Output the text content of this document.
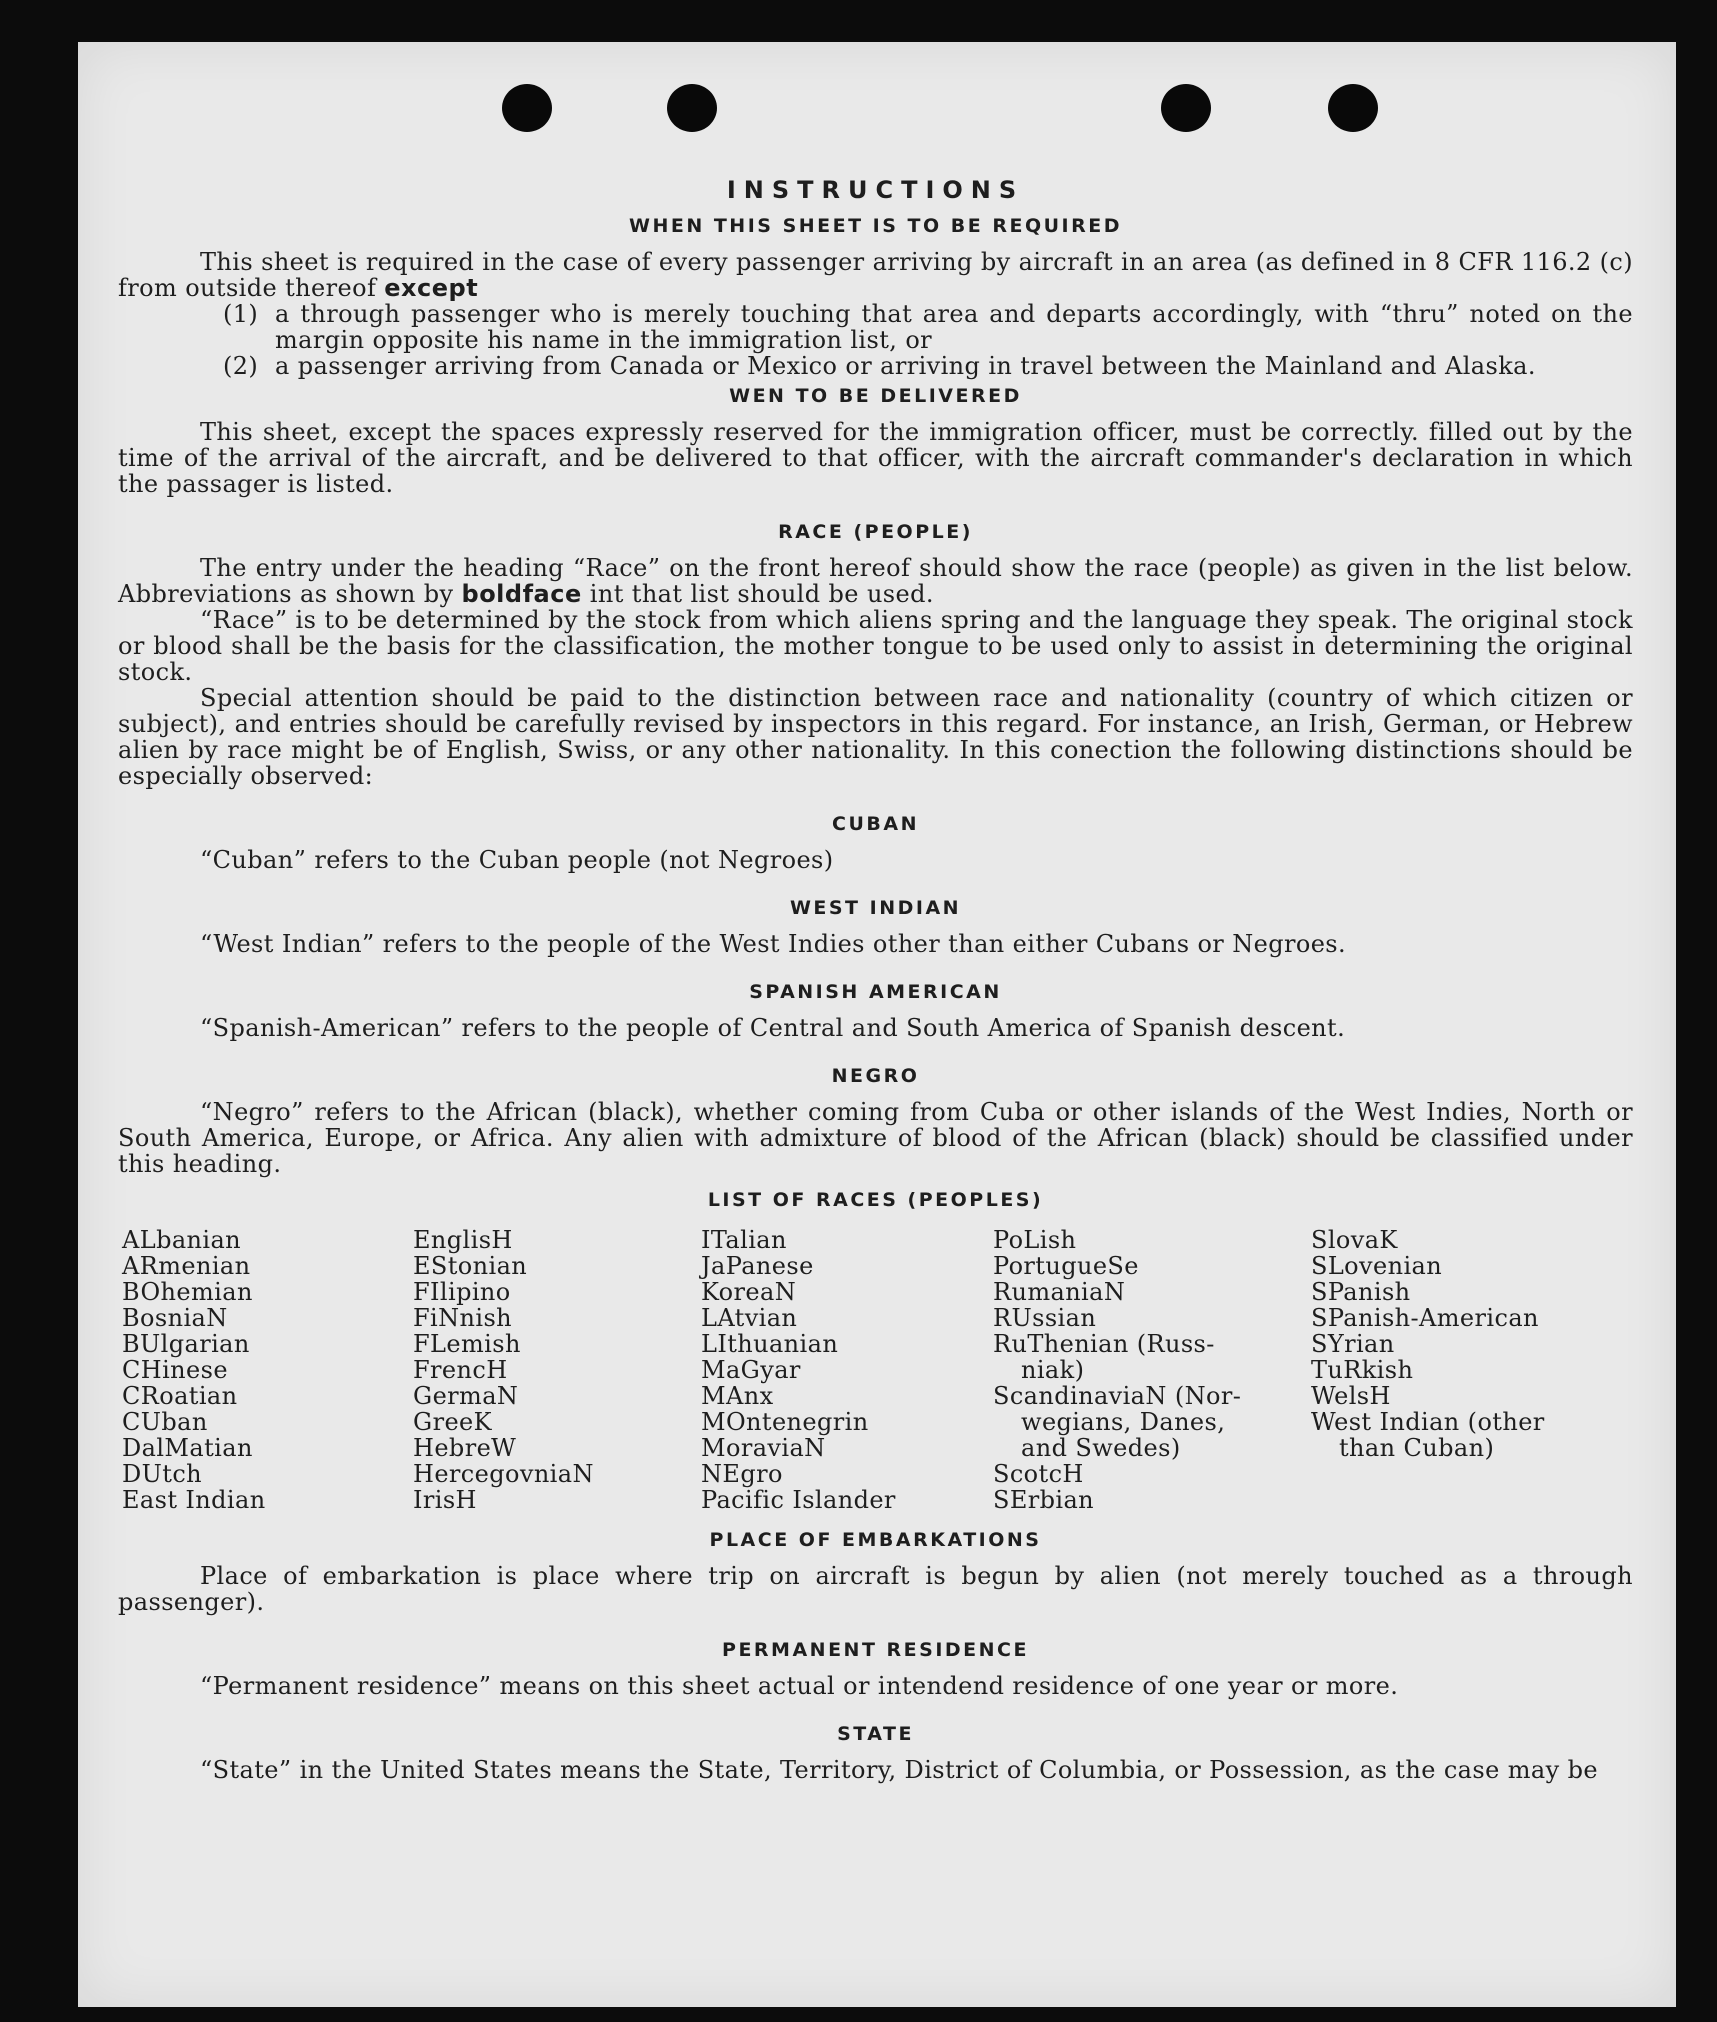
INSTRUCTIONS
WHEN THIS SHEET IS TO BE REQUIRED

This sheet is required in the case of every passenger arriving by aircraft in an area (as defined in 8 CFR 116.2 (c) from outside thereof except

(1) a through passenger who is merely touching that area and departs accordingly, with “thru” noted on the margin opposite his name in the immigration list, or
(2) a passenger arriving from Canada or Mexico or arriving in travel between the Mainland and Alaska.
WEN TO BE DELIVERED

This sheet, except the spaces expressly reserved for the immigration officer, must be correctly. filled out by the time of the arrival of the aircraft, and be delivered to that officer, with the aircraft commander's declaration in which the passager is listed.

RACE (PEOPLE)

The entry under the heading “Race” on the front hereof should show the race (people) as given in the list below. Abbreviations as shown by boldface int that list should be used.

“Race” is to be determined by the stock from which aliens spring and the language they speak. The original stock or blood shall be the basis for the classification, the mother tongue to be used only to assist in determining the original stock.

Special attention should be paid to the distinction between race and nationality (country of which citizen or subject), and entries should be carefully revised by inspectors in this regard. For instance, an Irish, German, or Hebrew alien by race might be of English, Swiss, or any other nationality. In this conection the following distinctions should be especially observed:

CUBAN

“Cuban” refers to the Cuban people (not Negroes)

WEST INDIAN

“West Indian” refers to the people of the West Indies other than either Cubans or Negroes.

SPANISH AMERICAN

“Spanish-American” refers to the people of Central and South America of Spanish descent.

NEGRO

“Negro” refers to the African (black), whether coming from Cuba or other islands of the West Indies, North or South America, Europe, or Africa. Any alien with admixture of blood of the African (black) should be classified under this heading.

LIST OF RACES (PEOPLES)
ALbanian
ARmenian
BOhemian
BosniaN
BUlgarian
CHinese
CRoatian
CUban
DalMatian
DUtch
East Indian
EnglisH
EStonian
FIlipino
FiNnish
FLemish
FrencH
GermaN
GreeK
HebreW
HercegovniaN
IrisH
ITalian
JaPanese
KoreaN
LAtvian
LIthuanian
MaGyar
MAnx
MOntenegrin
MoraviaN
NEgro
Pacific Islander
PoLish
PortugueSe
RumaniaN
RUssian
RuThenian (Russ-
niak)
ScandinaviaN (Nor-
wegians, Danes,
and Swedes)
ScotcH
SErbian
SlovaK
SLovenian
SPanish
SPanish-American
SYrian
TuRkish
WelsH
West Indian (other
than Cuban)
PLACE OF EMBARKATIONS

Place of embarkation is place where trip on aircraft is begun by alien (not merely touched as a through passenger).

PERMANENT RESIDENCE

“Permanent residence” means on this sheet actual or intendend residence of one year or more.

STATE

“State” in the United States means the State, Territory, District of Columbia, or Possession, as the case may be
